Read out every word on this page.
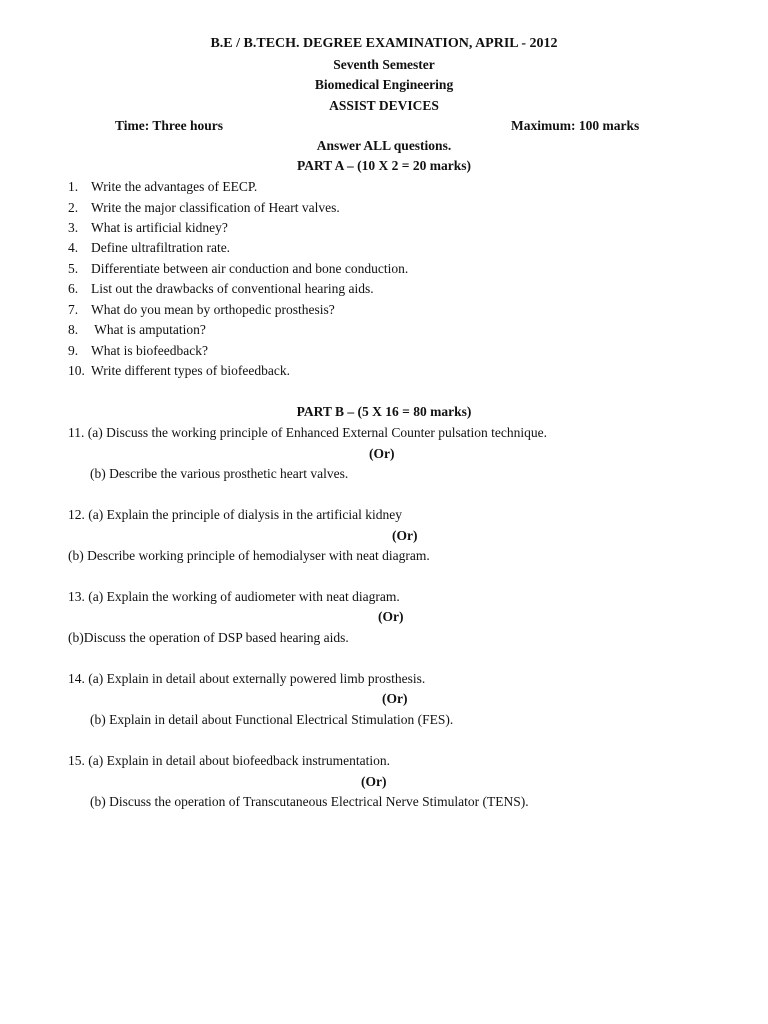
B.E / B.TECH. DEGREE EXAMINATION, APRIL - 2012
Seventh Semester
Biomedical Engineering
ASSIST DEVICES
Time: Three hours	Maximum: 100 marks
Answer ALL questions.
PART A – (10 X 2 = 20 marks)
1. Write the advantages of EECP.
2. Write the major classification of Heart valves.
3. What is artificial kidney?
4. Define ultrafiltration rate.
5. Differentiate between air conduction and bone conduction.
6. List out the drawbacks of conventional hearing aids.
7. What do you mean by orthopedic prosthesis?
8. What is amputation?
9. What is biofeedback?
10. Write different types of biofeedback.
PART B – (5 X 16 = 80 marks)
11. (a) Discuss the working principle of Enhanced External Counter pulsation technique.
(Or)
(b) Describe the various prosthetic heart valves.
12. (a) Explain the principle of dialysis in the artificial kidney
(Or)
(b) Describe working principle of hemodialyser with neat diagram.
13. (a) Explain the working of audiometer with neat diagram.
(Or)
(b)Discuss the operation of DSP based hearing aids.
14. (a) Explain in detail about externally powered limb prosthesis.
(Or)
(b) Explain in detail about Functional Electrical Stimulation (FES).
15. (a) Explain in detail about biofeedback instrumentation.
(Or)
(b) Discuss the operation of Transcutaneous Electrical Nerve Stimulator (TENS).
